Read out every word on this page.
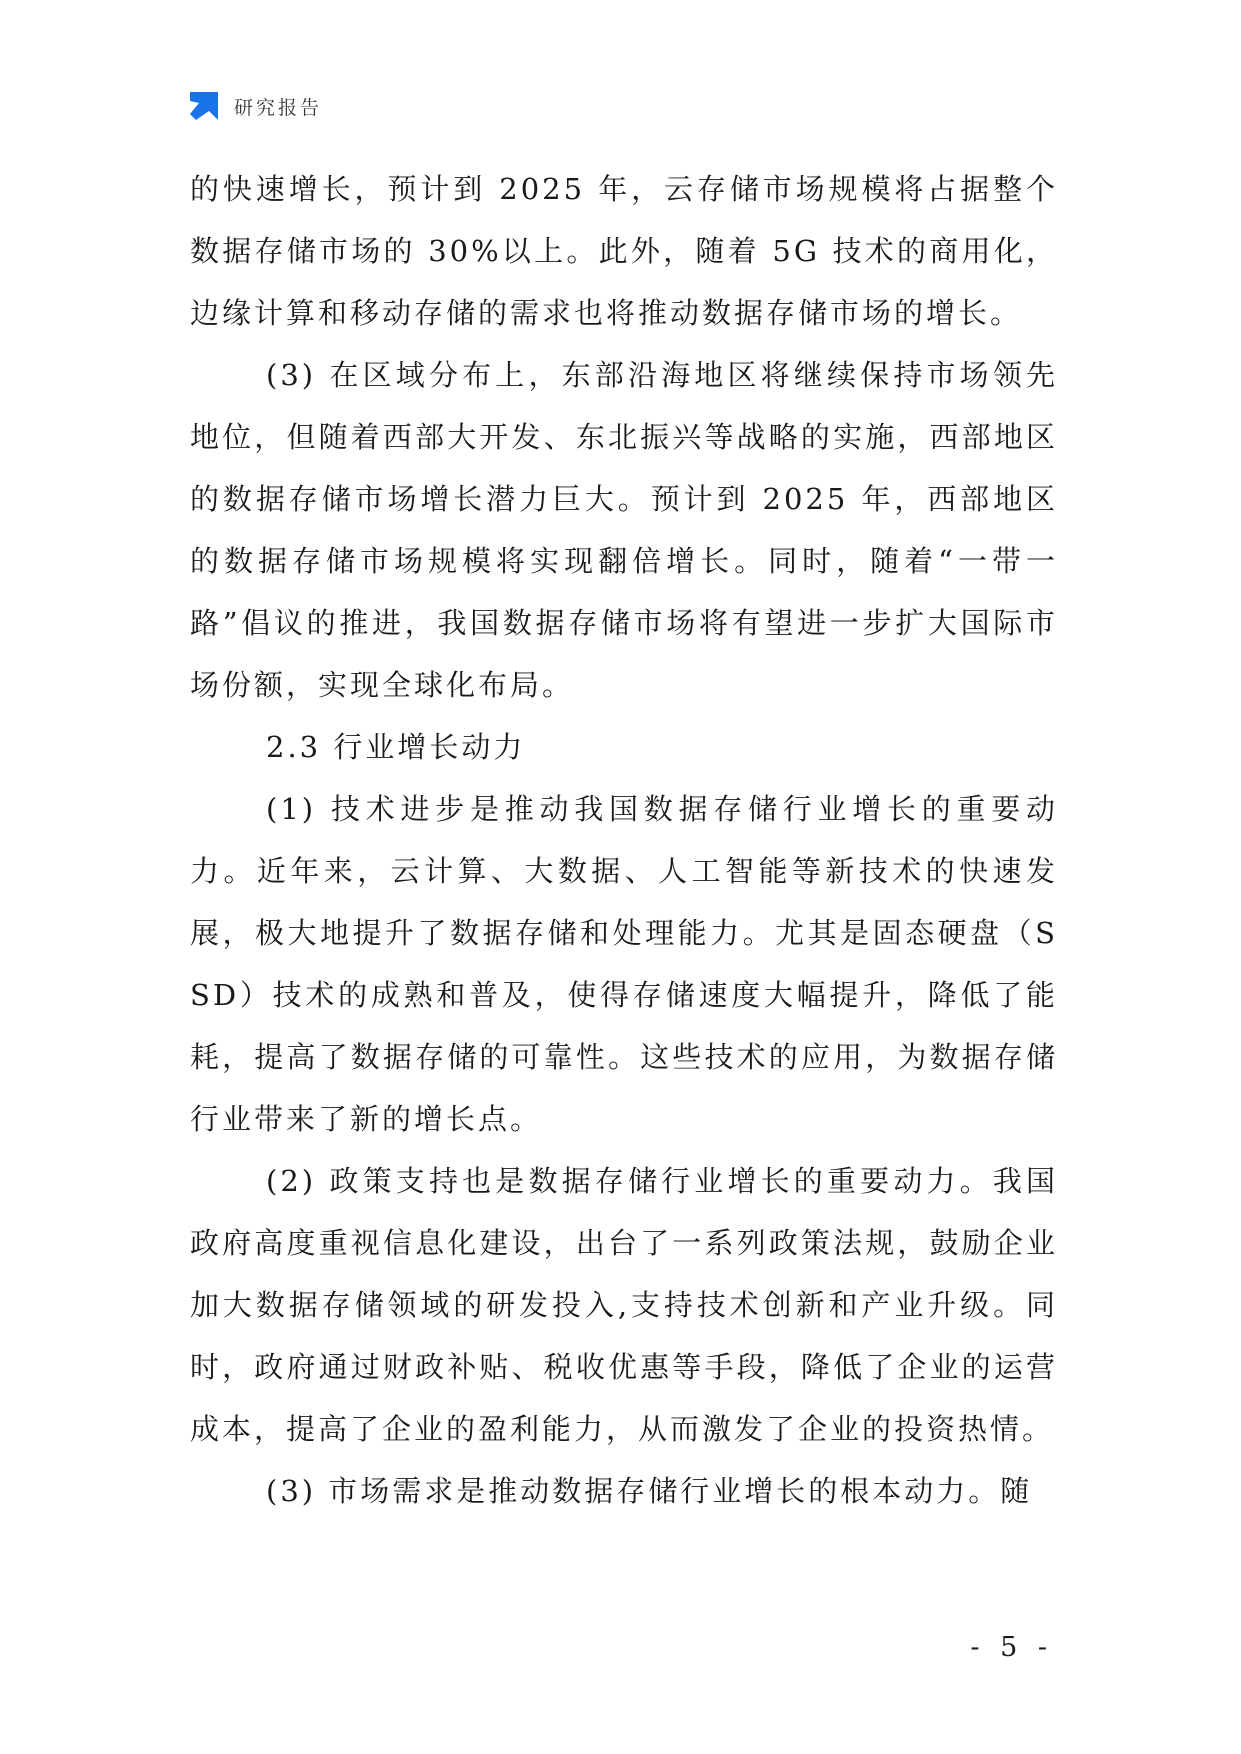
研究报告

的快速增长，预计到 2025 年，云存储市场规模将占据整个数据存储市场的 30%以上。此外，随着 5G 技术的商用化，边缘计算和移动存储的需求也将推动数据存储市场的增长。

(3) 在区域分布上，东部沿海地区将继续保持市场领先地位，但随着西部大开发、东北振兴等战略的实施，西部地区的数据存储市场增长潜力巨大。预计到 2025 年，西部地区的数据存储市场规模将实现翻倍增长。同时，随着“一带一路”倡议的推进，我国数据存储市场将有望进一步扩大国际市场份额，实现全球化布局。

2.3 行业增长动力

(1) 技术进步是推动我国数据存储行业增长的重要动力。近年来，云计算、大数据、人工智能等新技术的快速发展，极大地提升了数据存储和处理能力。尤其是固态硬盘（SSD）技术的成熟和普及，使得存储速度大幅提升，降低了能耗，提高了数据存储的可靠性。这些技术的应用，为数据存储行业带来了新的增长点。

(2) 政策支持也是数据存储行业增长的重要动力。我国政府高度重视信息化建设，出台了一系列政策法规，鼓励企业加大数据存储领域的研发投入,支持技术创新和产业升级。同时，政府通过财政补贴、税收优惠等手段，降低了企业的运营成本，提高了企业的盈利能力，从而激发了企业的投资热情。

(3) 市场需求是推动数据存储行业增长的根本动力。随

- 5 -
